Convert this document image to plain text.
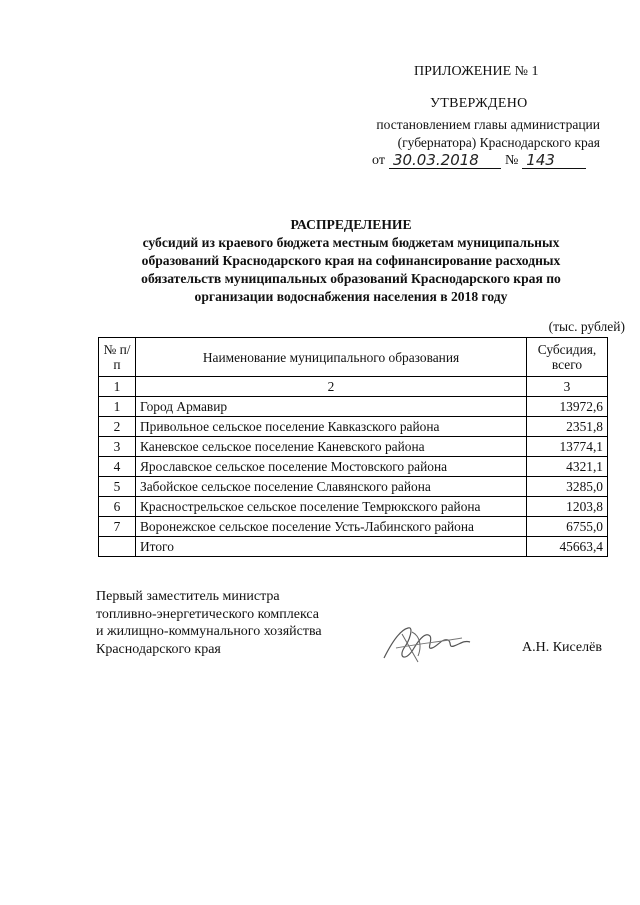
ПРИЛОЖЕНИЕ № 1
УТВЕРЖДЕНО
постановлением главы администрации
(губернатора) Краснодарского края
от 30.03.2018	№ 143
РАСПРЕДЕЛЕНИЕ
субсидий из краевого бюджета местным бюджетам муниципальных
образований Краснодарского края на софинансирование расходных
обязательств муниципальных образований Краснодарского края по
организации водоснабжения населения в 2018 году
(тыс. рублей)
№ п/п	Наименование муниципального образования	Субсидия, всего
1	2	3
1	Город Армавир	13972,6
2	Привольное сельское поселение Кавказского района	2351,8
3	Каневское сельское поселение Каневского района	13774,1
4	Ярославское сельское поселение Мостовского района	4321,1
5	Забойское сельское поселение Славянского района	3285,0
6	Краснострельское сельское поселение Темрюкского района	1203,8
7	Воронежское сельское поселение Усть-Лабинского района	6755,0
	Итого	45663,4
Первый заместитель министра
топливно-энергетического комплекса
и жилищно-коммунального хозяйства
Краснодарского края	А.Н. Киселёв
